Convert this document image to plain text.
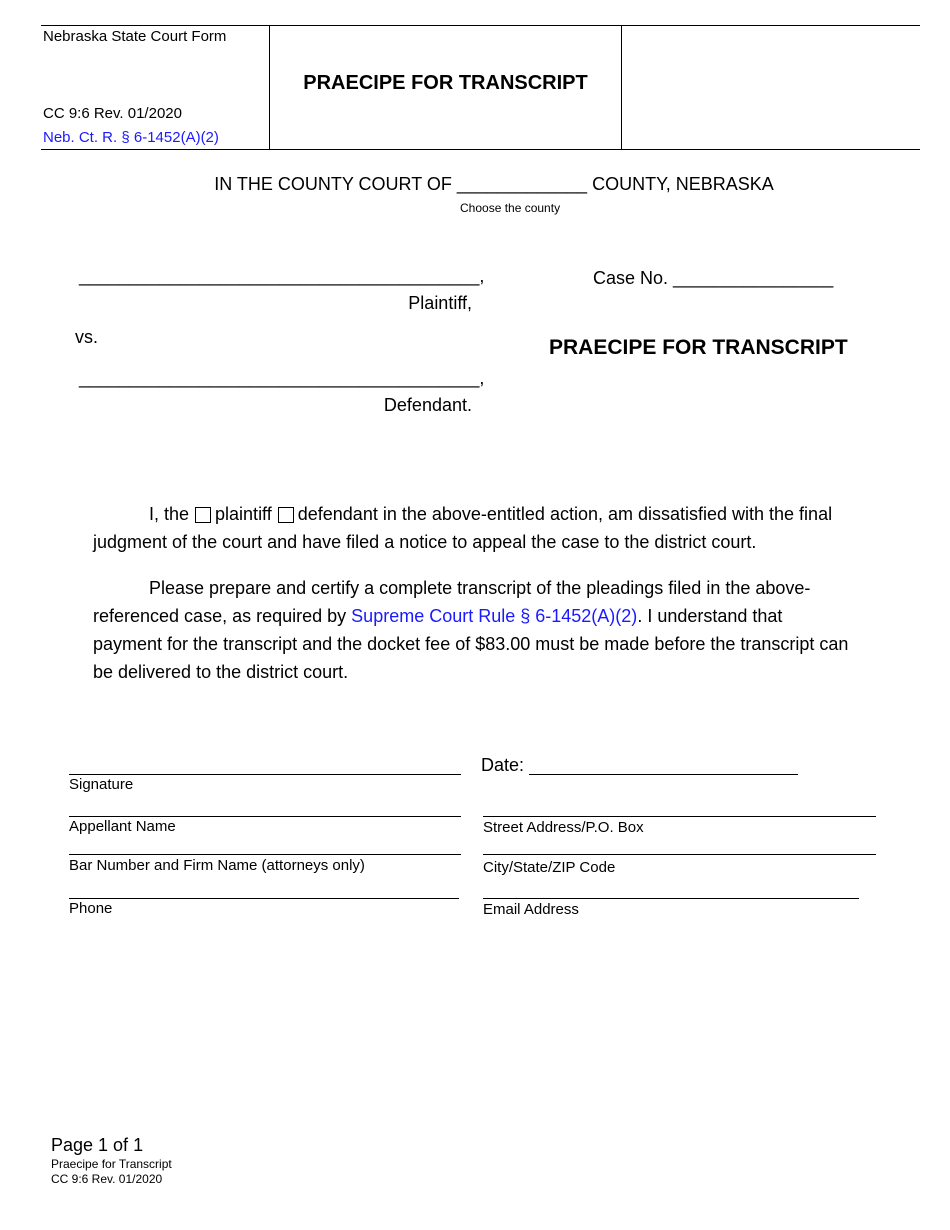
Nebraska State Court Form
PRAECIPE FOR TRANSCRIPT
CC 9:6 Rev. 01/2020
Neb. Ct. R. § 6-1452(A)(2)
IN THE COUNTY COURT OF _____________ COUNTY, NEBRASKA
Choose the county
________________________________________,
Plaintiff,
vs.
________________________________________,
Defendant.
Case No. ________________
PRAECIPE FOR TRANSCRIPT
I, the plaintiff defendant in the above-entitled action, am dissatisfied with the final judgment of the court and have filed a notice to appeal the case to the district court.
Please prepare and certify a complete transcript of the pleadings filed in the above-referenced case, as required by Supreme Court Rule § 6-1452(A)(2). I understand that payment for the transcript and the docket fee of $83.00 must be made before the transcript can be delivered to the district court.
Signature
Appellant Name
Bar Number and Firm Name (attorneys only)
Phone
Date:
Street Address/P.O. Box
City/State/ZIP Code
Email Address
Page 1 of 1
Praecipe for Transcript
CC 9:6 Rev. 01/2020
